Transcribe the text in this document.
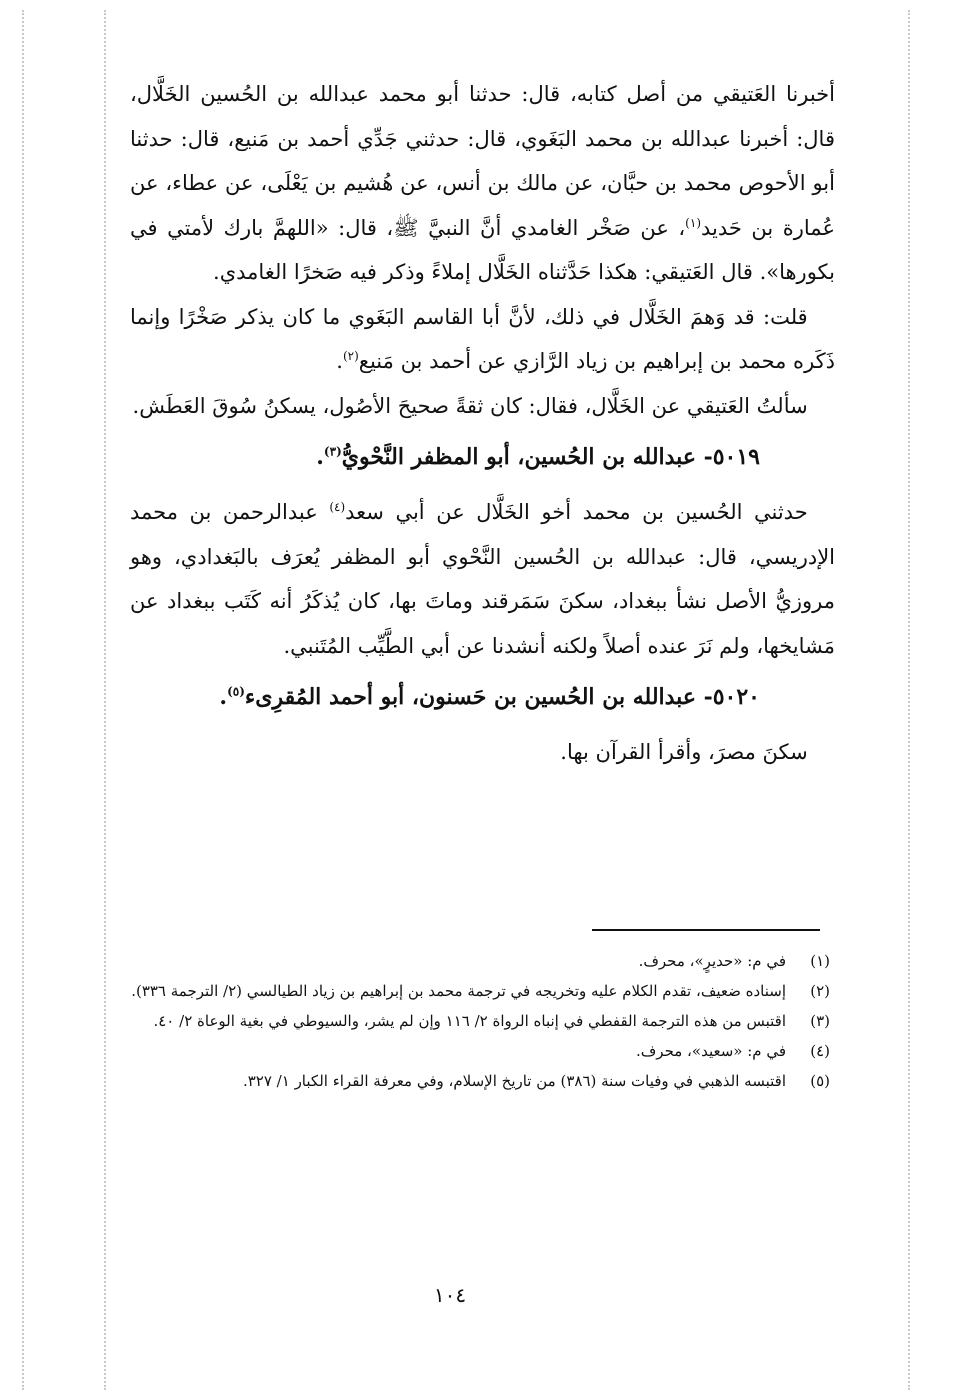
أخبرنا العَتيقي من أصل كتابه، قال: حدثنا أبو محمد عبدالله بن الحُسين الخَلَّال، قال: أخبرنا عبدالله بن محمد البَغَوي، قال: حدثني جَدِّي أحمد بن مَنيع، قال: حدثنا أبو الأحوص محمد بن حبَّان، عن مالك بن أنس، عن هُشيم بن يَعْلَى، عن عطاء، عن عُمارة بن حَديد$^{(١)}$، عن صَخْر الغامدي أنَّ النبيَّ ﷺ، قال: «اللهمَّ بارك لأمتي في بكورها». قال العَتيقي: هكذا حَدَّثناه الخَلَّال إملاءً وذكر فيه صَخرًا الغامدي.

قلت: قد وَهمَ الخَلَّال في ذلك، لأنَّ أبا القاسم البَغَوي ما كان يذكر صَخْرًا وإنما ذَكَره محمد بن إبراهيم بن زياد الرَّازي عن أحمد بن مَنيع$^{(٢)}$.

سألتُ العَتيقي عن الخَلَّال، فقال: كان ثقةً صحيحَ الأصُول، يسكنُ سُوقَ العَطَش.

٥٠١٩- عبدالله بن الحُسين، أبو المظفر النَّحْويُّ$^{(٣)}$.

حدثني الحُسين بن محمد أخو الخَلَّال عن أبي سعد$^{(٤)}$ عبدالرحمن بن محمد الإدريسي، قال: عبدالله بن الحُسين النَّحْوي أبو المظفر يُعرَف بالبَغدادي، وهو مروزيُّ الأصل نشأ ببغداد، سكنَ سَمَرقند وماتَ بها، كان يُذكَرُ أنه كَتَب ببغداد عن مَشايخها، ولم نَرَ عنده أصلاً ولكنه أنشدنا عن أبي الطَّيِّب المُتَنبي.

٥٠٢٠- عبدالله بن الحُسين بن حَسنون، أبو أحمد المُقرِىء$^{(٥)}$.

سكنَ مصرَ، وأقرأ القرآن بها.

(١)
في م: «حديرٍ»، محرف.
(٢)
إسناده ضعيف، تقدم الكلام عليه وتخريجه في ترجمة محمد بن إبراهيم بن زياد الطيالسي (٢/ الترجمة ٣٣٦).
(٣)
اقتبس من هذه الترجمة القفطي في إنباه الرواة ٢/ ١١٦ وإن لم يشر، والسيوطي في بغية الوعاة ٢/ ٤٠.
(٤)
في م: «سعيد»، محرف.
(٥)
اقتبسه الذهبي في وفيات سنة (٣٨٦) من تاريخ الإسلام، وفي معرفة القراء الكبار ١/ ٣٢٧.
١٠٤
